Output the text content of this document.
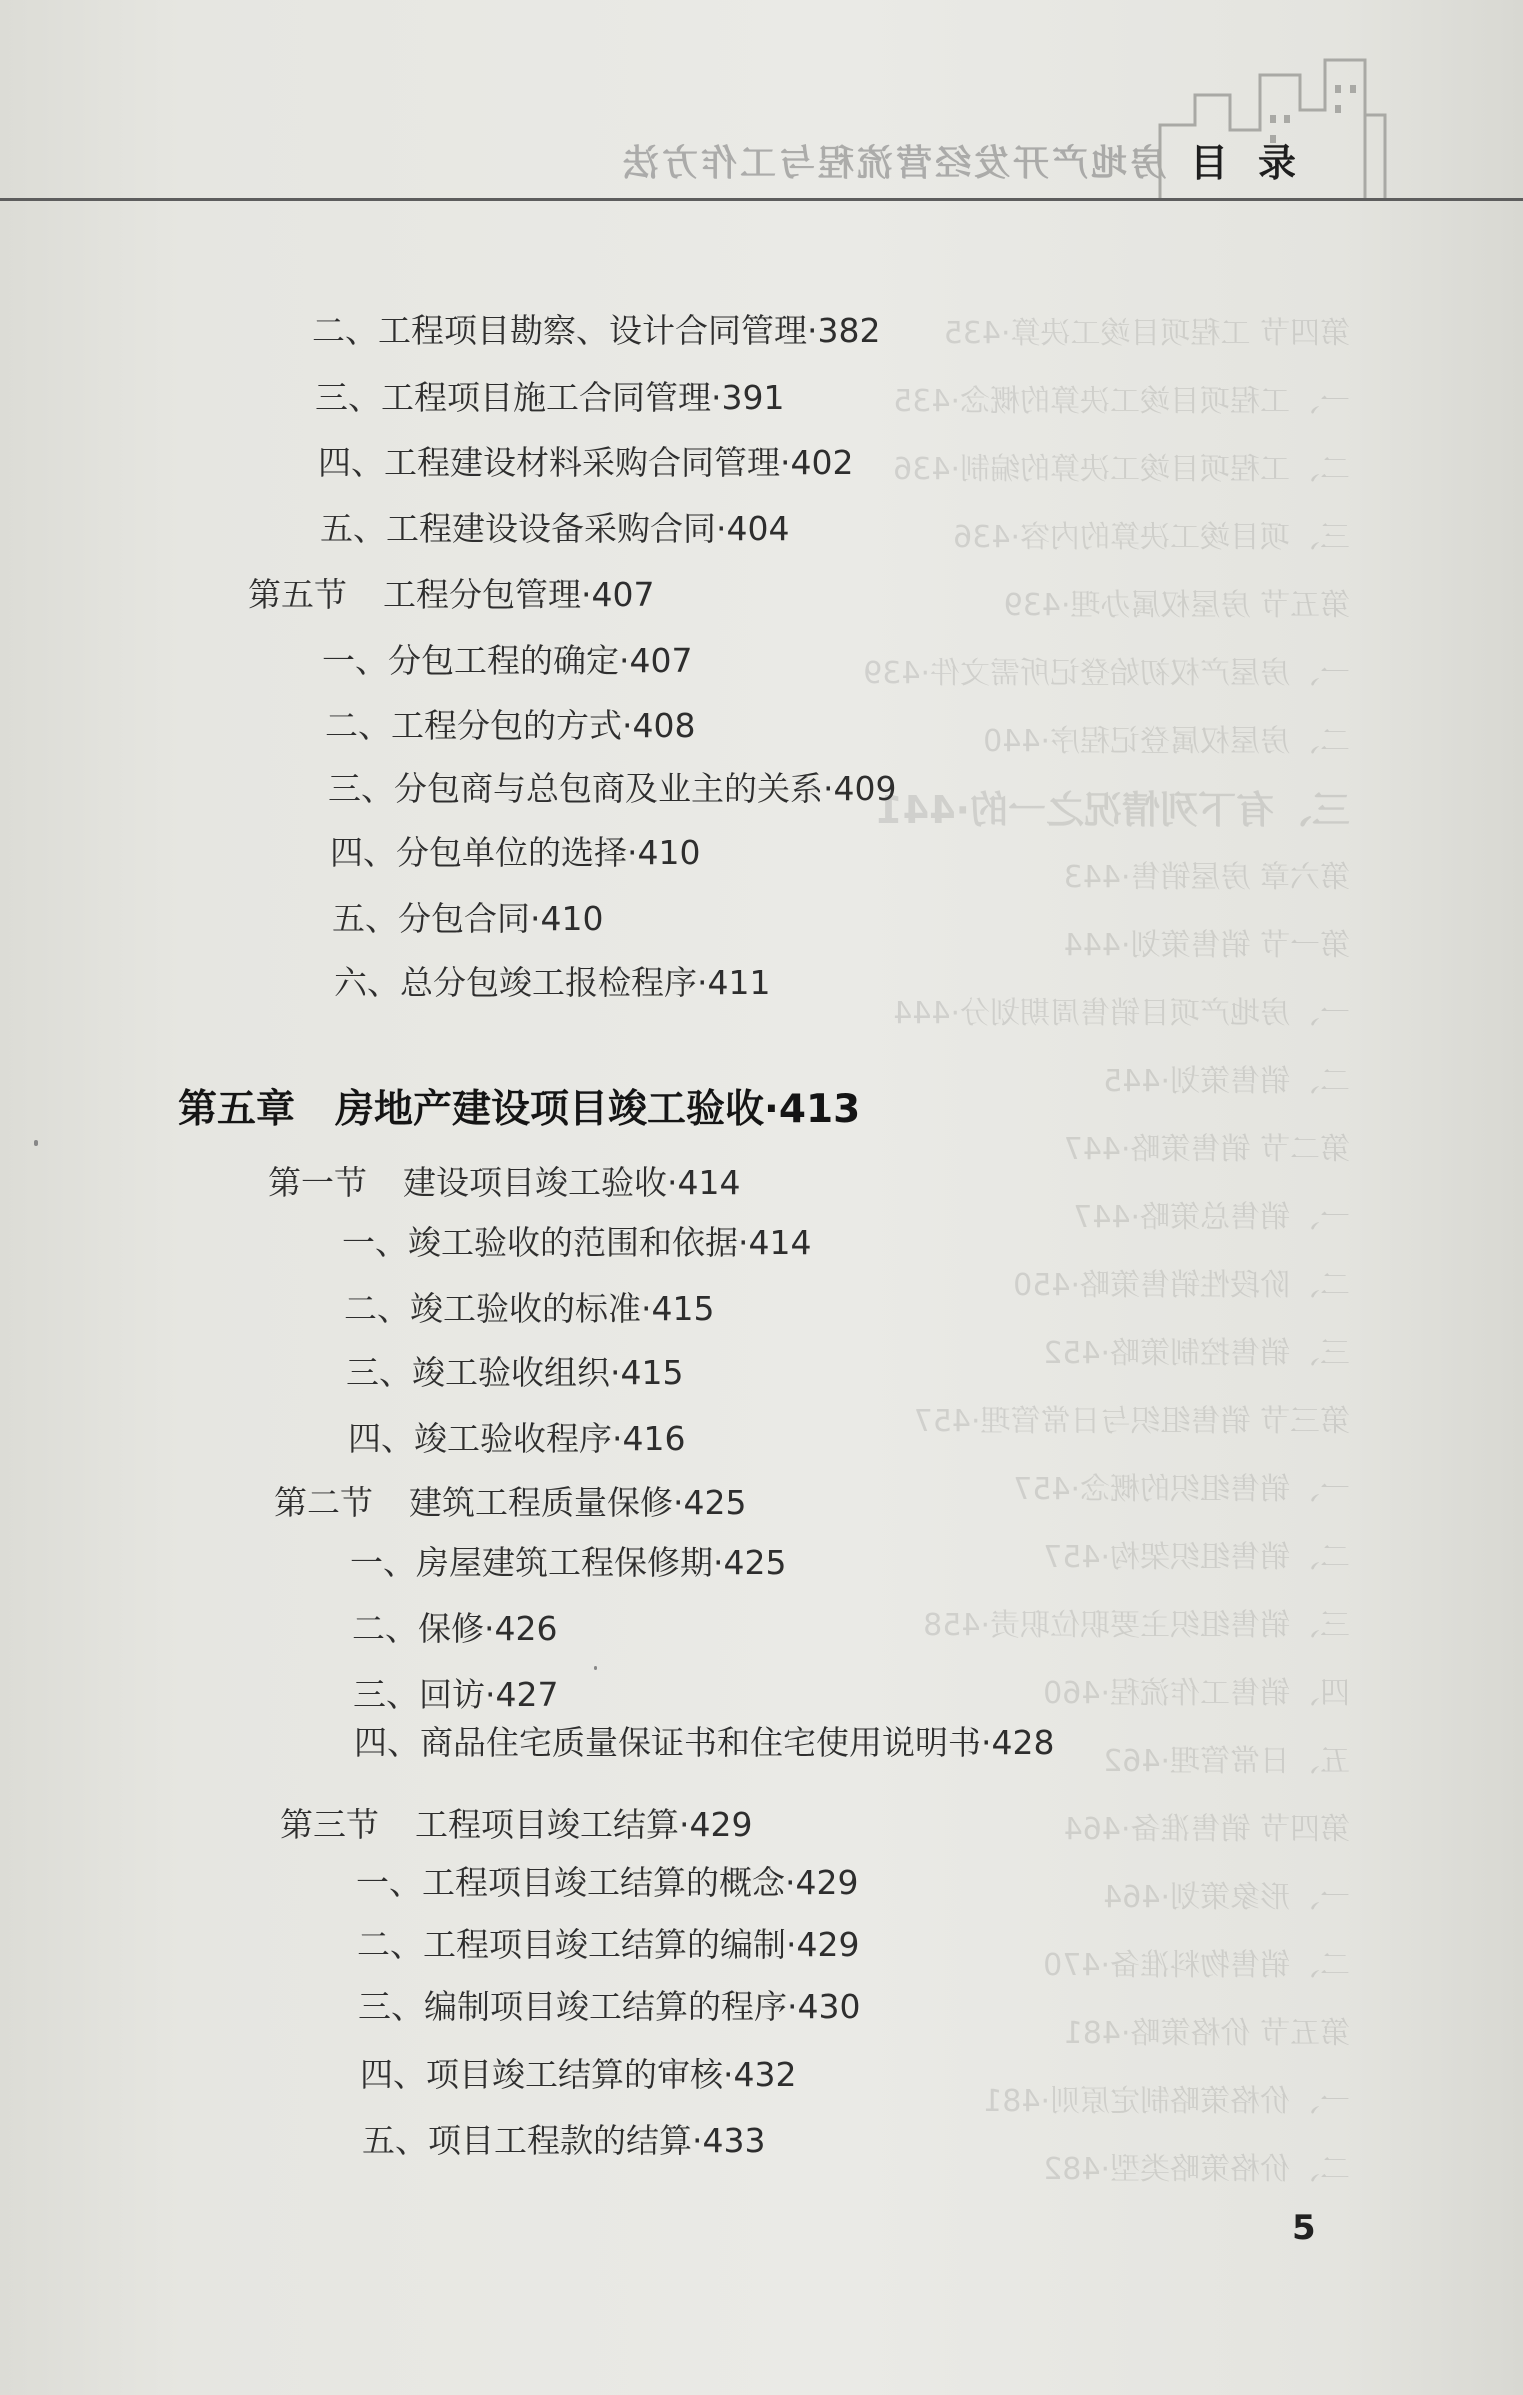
房地产开发经营流程与工作方法 目录
第四节 工程项目竣工决算·435
一、工程项目竣工决算的概念·435
二、工程项目竣工决算的编制·436
三、项目竣工决算的内容·436
第五节 房屋权属办理·439
一、房屋产权初始登记所需文件·439
二、房屋权属登记程序·440
三、有下列情况之一的·441
第六章 房屋销售·443
第一节 销售策划·444
一、房地产项目销售周期划分·444
二、销售策划·445
第二节 销售策略·447
一、销售总策略·447
二、阶段性销售策略·450
三、销售控制策略·452
第三节 销售组织与日常管理·457
一、销售组织的概念·457
二、销售组织架构·457
三、销售组织主要职位职责·458
四、销售工作流程·460
五、日常管理·462
第四节 销售准备·464
一、形象策划·464
二、销售物料准备·470
第五节 价格策略·481
一、价格策略制定原则·481
二、价格策略类型·482
二、工程项目勘察、设计合同管理·382
三、工程项目施工合同管理·391
四、工程建设材料采购合同管理·402
五、工程建设设备采购合同·404
第五节 工程分包管理·407
一、分包工程的确定·407
二、工程分包的方式·408
三、分包商与总包商及业主的关系·409
四、分包单位的选择·410
五、分包合同·410
六、总分包竣工报检程序·411
第五章 房地产建设项目竣工验收·413
第一节 建设项目竣工验收·414
一、竣工验收的范围和依据·414
二、竣工验收的标准·415
三、竣工验收组织·415
四、竣工验收程序·416
第二节 建筑工程质量保修·425
一、房屋建筑工程保修期·425
二、保修·426
三、回访·427
四、商品住宅质量保证书和住宅使用说明书·428
第三节 工程项目竣工结算·429
一、工程项目竣工结算的概念·429
二、工程项目竣工结算的编制·429
三、编制项目竣工结算的程序·430
四、项目竣工结算的审核·432
五、项目工程款的结算·433
5
